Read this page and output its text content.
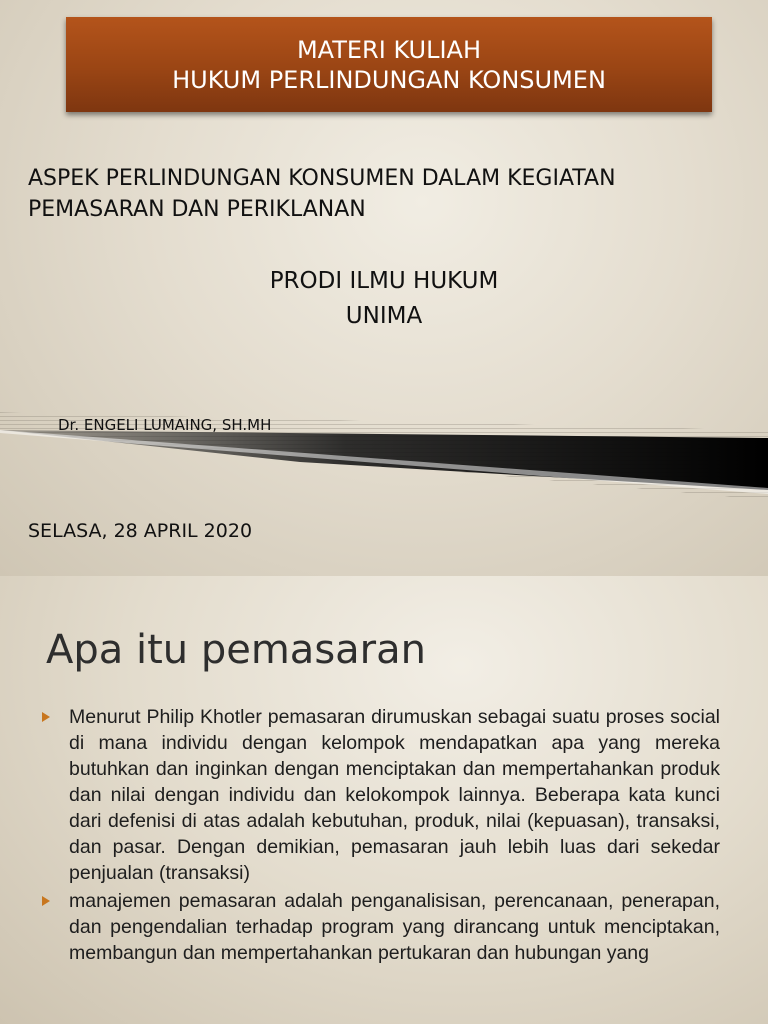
MATERI KULIAH
HUKUM PERLINDUNGAN KONSUMEN
ASPEK PERLINDUNGAN KONSUMEN DALAM KEGIATAN
PEMASARAN DAN PERIKLANAN
PRODI ILMU HUKUM
UNIMA
Dr. ENGELI LUMAING, SH.MH
SELASA, 28 APRIL 2020
Apa itu pemasaran
Menurut Philip Khotler pemasaran dirumuskan sebagai suatu proses social di mana individu dengan kelompok mendapatkan apa yang mereka butuhkan dan inginkan dengan menciptakan dan mempertahankan produk dan nilai dengan individu dan kelokompok lainnya. Beberapa kata kunci dari defenisi di atas adalah kebutuhan, produk, nilai (kepuasan), transaksi, dan pasar. Dengan demikian, pemasaran jauh lebih luas dari sekedar penjualan (transaksi)
manajemen pemasaran adalah penganalisisan, perencanaan, penerapan, dan pengendalian terhadap program yang dirancang untuk menciptakan, membangun dan mempertahankan pertukaran dan hubungan yang
